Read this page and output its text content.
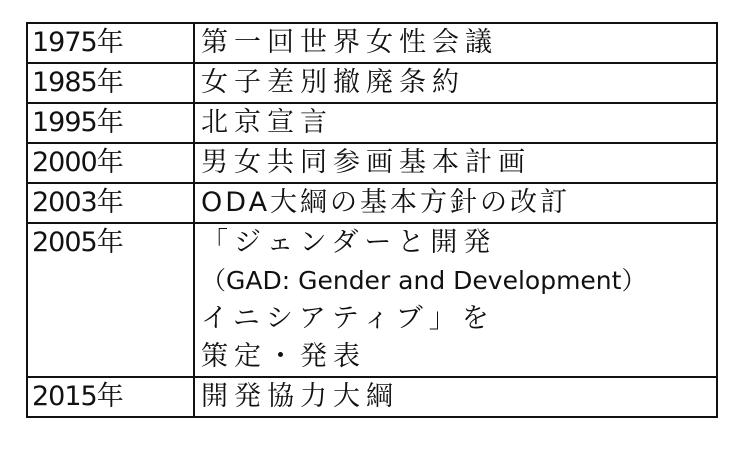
1975年	第一回世界女性会議
1985年	女子差別撤廃条約
1995年	北京宣言
2000年	男女共同参画基本計画
2003年	ODA大綱の基本方針の改訂
2005年	「ジェンダーと開発
（GAD: Gender and Development）
イニシアティブ」を
策定・発表

2015年	開発協力大綱
